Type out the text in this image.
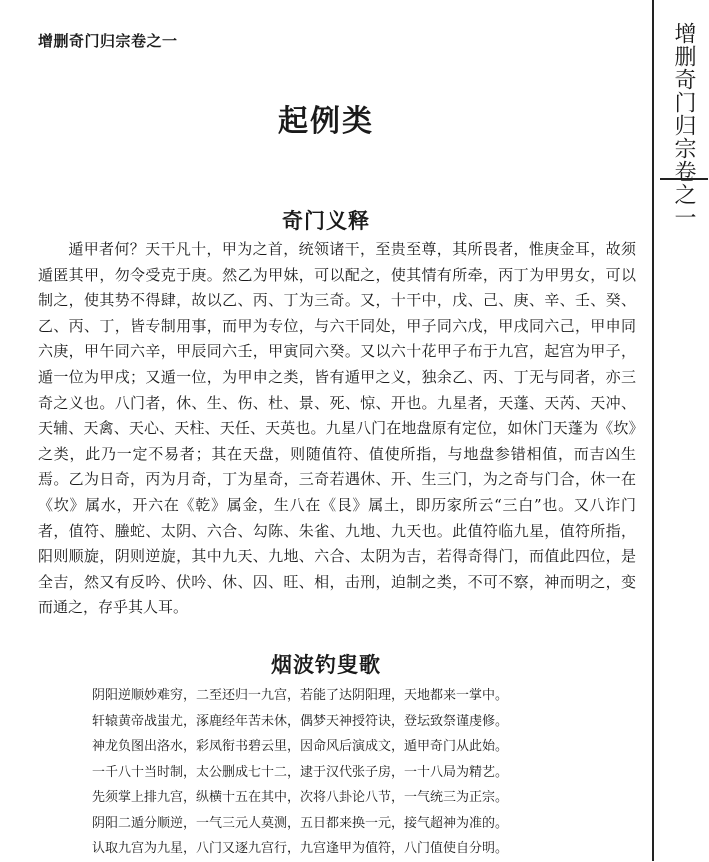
增删奇门归宗卷之一	增删奇门归宗卷之一
起例类
奇门义释

遁甲者何？天干凡十，甲为之首，统领诸干，至贵至尊，其所畏者，惟庚金耳，故须遁匿其甲，勿令受克于庚。然乙为甲妹，可以配之，使其情有所牵，丙丁为甲男女，可以制之，使其势不得肆，故以乙、丙、丁为三奇。又，十干中，戊、己、庚、辛、壬、癸、乙、丙、丁，皆专制用事，而甲为专位，与六干同处，甲子同六戊，甲戌同六己，甲申同六庚，甲午同六辛，甲辰同六壬，甲寅同六癸。又以六十花甲子布于九宫，起宫为甲子，遁一位为甲戌；又遁一位，为甲申之类，皆有遁甲之义，独余乙、丙、丁无与同者，亦三奇之义也。八门者，休、生、伤、杜、景、死、惊、开也。九星者，天蓬、天芮、天冲、天辅、天禽、天心、天柱、天任、天英也。九星八门在地盘原有定位，如休门天蓬为《坎》之类，此乃一定不易者；其在天盘，则随值符、值使所指，与地盘参错相值，而吉凶生焉。乙为日奇，丙为月奇，丁为星奇，三奇若遇休、开、生三门，为之奇与门合，休一在《坎》属水，开六在《乾》属金，生八在《艮》属土，即历家所云“三白”也。又八诈门者，值符、螣蛇、太阴、六合、勾陈、朱雀、九地、九天也。此值符临九星，值符所指，阳则顺旋，阴则逆旋，其中九天、九地、六合、太阴为吉，若得奇得门，而值此四位，是全吉，然又有反吟、伏吟、休、囚、旺、相，击刑，迫制之类，不可不察，神而明之，变而通之，存乎其人耳。

烟波钓叟歌
阴阳逆顺妙难穷，二至还归一九宫，若能了达阴阳理，天地都来一掌中。
轩辕黄帝战蚩尤，涿鹿经年苦未休，偶梦天神授符诀，登坛致祭谨虔修。
神龙负图出洛水，彩凤衔书碧云里，因命风后演成文，遁甲奇门从此始。
一千八十当时制，太公删成七十二，逮于汉代张子房，一十八局为精艺。
先须掌上排九宫，纵横十五在其中，次将八卦论八节，一气统三为正宗。
阴阳二遁分顺逆，一气三元人莫测，五日都来换一元，接气超神为准的。
认取九宫为九星，八门又逐九宫行，九宫逢甲为值符，八门值使自分明。
